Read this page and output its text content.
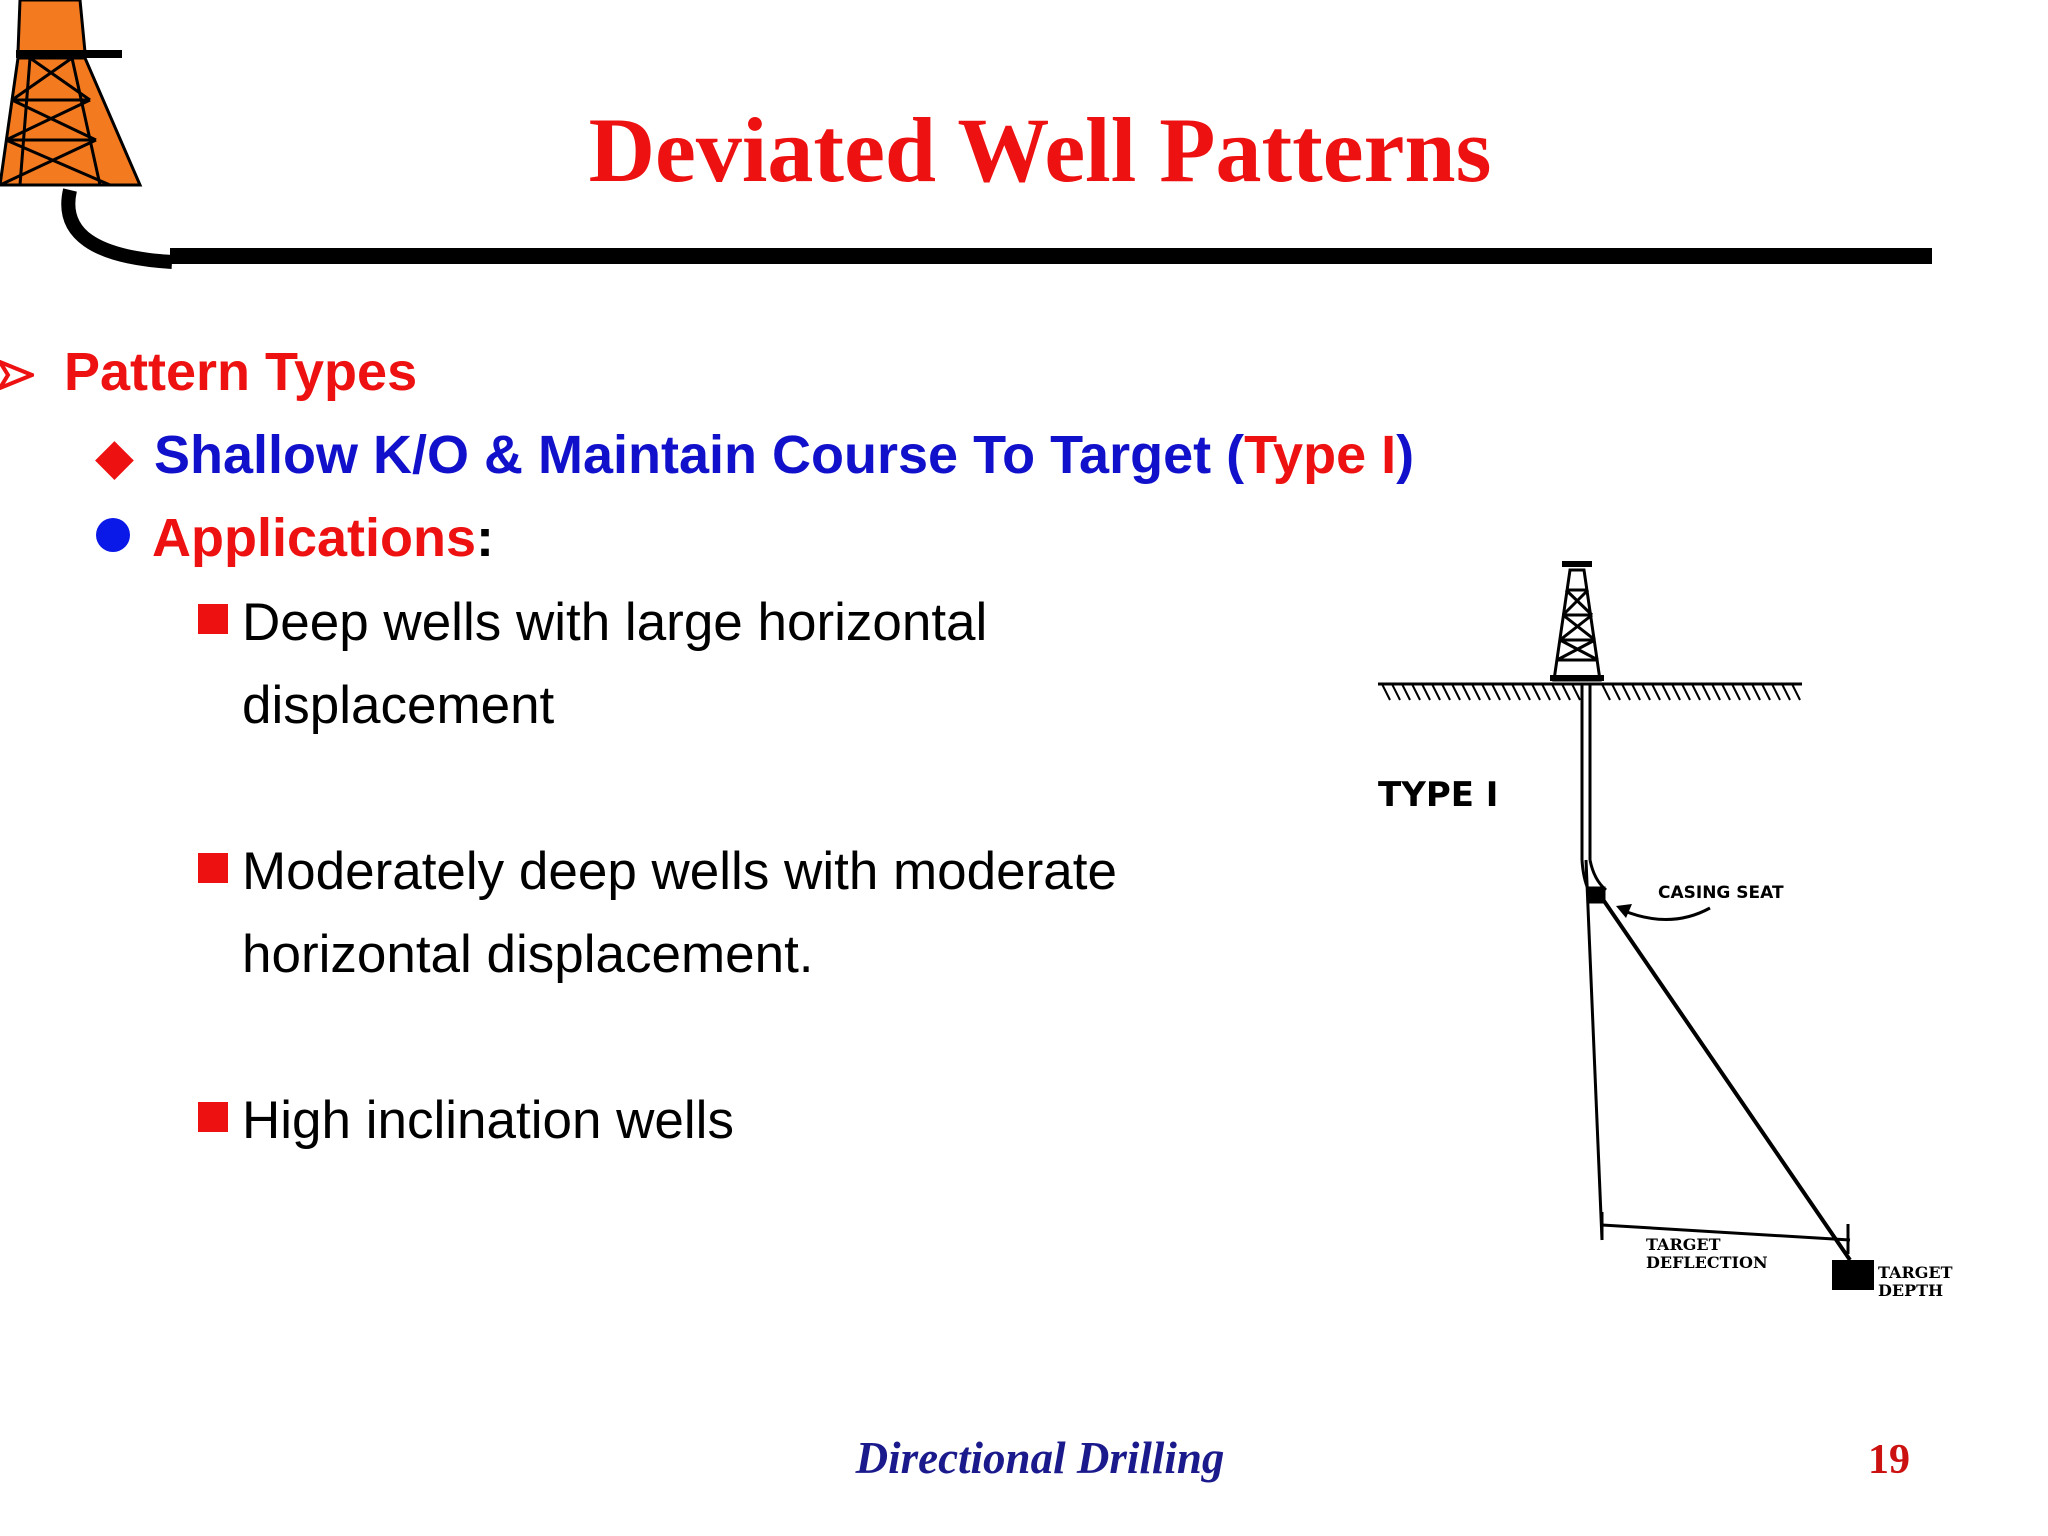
Deviated Well Patterns
Pattern Types
◆ Shallow K/O & Maintain Course To Target (Type I)
Applications:
Deep wells with large horizontal
displacement
Moderately deep wells with moderate
horizontal displacement.
High inclination wells
TYPE I
CASING SEAT
TARGET
DEFLECTION
TARGET
DEPTH
Directional Drilling	19
